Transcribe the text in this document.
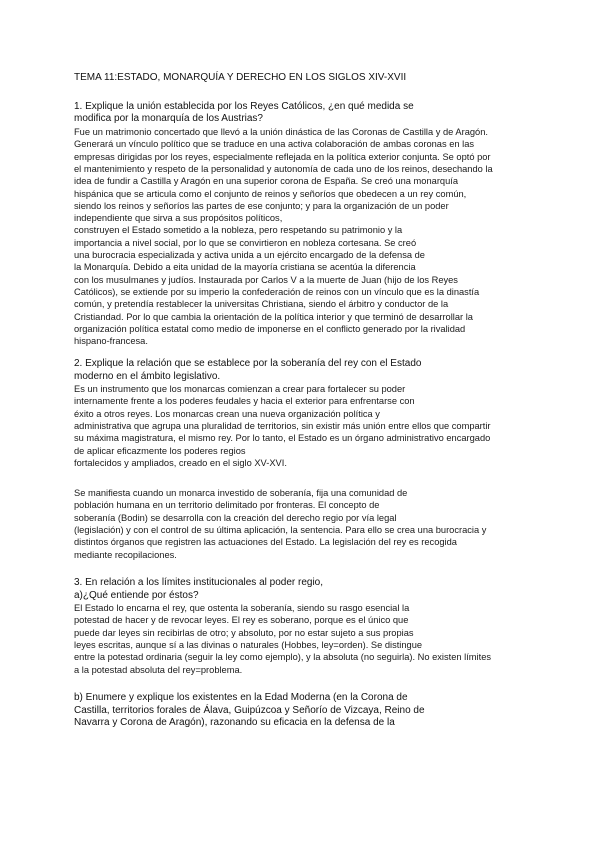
TEMA 11:ESTADO, MONARQUÍA Y DERECHO EN LOS SIGLOS XIV-XVII
1. Explique la unión establecida por los Reyes Católicos, ¿en qué medida se
modifica por la monarquía de los Austrias?
Fue un matrimonio concertado que llevó a la unión dinástica de las Coronas de Castilla y de Aragón.
Generará un vínculo político que se traduce en una activa colaboración de ambas coronas en las
empresas dirigidas por los reyes, especialmente reflejada en la política exterior conjunta. Se optó por
el mantenimiento y respeto de la personalidad y autonomía de cada uno de los reinos, desechando la
idea de fundir a Castilla y Aragón en una superior corona de España. Se creó una monarquía
hispánica que se articula como el conjunto de reinos y señoríos que obedecen a un rey común,
siendo los reinos y señoríos las partes de ese conjunto; y para la organización de un poder
independiente que sirva a sus propósitos políticos,
construyen el Estado sometido a la nobleza, pero respetando su patrimonio y la
importancia a nivel social, por lo que se convirtieron en nobleza cortesana. Se creó
una burocracia especializada y activa unida a un ejército encargado de la defensa de
la Monarquía. Debido a eita unidad de la mayoría cristiana se acentúa la diferencia
con los musulmanes y judíos. Instaurada por Carlos V a la muerte de Juan (hijo de los Reyes
Católicos), se extiende por su imperio la confederación de reinos con un vínculo que es la dinastía
común, y pretendía restablecer la universitas Christiana, siendo el árbitro y conductor de la
Cristiandad. Por lo que cambia la orientación de la política interior y que terminó de desarrollar la
organización política estatal como medio de imponerse en el conflicto generado por la rivalidad
hispano-francesa.
2. Explique la relación que se establece por la soberanía del rey con el Estado
moderno en el ámbito legislativo.
Es un instrumento que los monarcas comienzan a crear para fortalecer su poder
internamente frente a los poderes feudales y hacia el exterior para enfrentarse con
éxito a otros reyes. Los monarcas crean una nueva organización política y
administrativa que agrupa una pluralidad de territorios, sin existir más unión entre ellos que compartir
su máxima magistratura, el mismo rey. Por lo tanto, el Estado es un órgano administrativo encargado
de aplicar eficazmente los poderes regios
fortalecidos y ampliados, creado en el siglo XV-XVI.
Se manifiesta cuando un monarca investido de soberanía, fija una comunidad de
población humana en un territorio delimitado por fronteras. El concepto de
soberanía (Bodin) se desarrolla con la creación del derecho regio por vía legal
(legislación) y con el control de su última aplicación, la sentencia. Para ello se crea una burocracia y
distintos órganos que registren las actuaciones del Estado. La legislación del rey es recogida
mediante recopilaciones.
3. En relación a los límites institucionales al poder regio,
a)¿Qué entiende por éstos?
El Estado lo encarna el rey, que ostenta la soberanía, siendo su rasgo esencial la
potestad de hacer y de revocar leyes. El rey es soberano, porque es el único que
puede dar leyes sin recibirlas de otro; y absoluto, por no estar sujeto a sus propias
leyes escritas, aunque sí a las divinas o naturales (Hobbes, ley=orden). Se distingue
entre la potestad ordinaria (seguir la ley como ejemplo), y la absoluta (no seguirla). No existen límites
a la potestad absoluta del rey=problema.
b) Enumere y explique los existentes en la Edad Moderna (en la Corona de
Castilla, territorios forales de Álava, Guipúzcoa y Señorío de Vizcaya, Reino de
Navarra y Corona de Aragón), razonando su eficacia en la defensa de la
